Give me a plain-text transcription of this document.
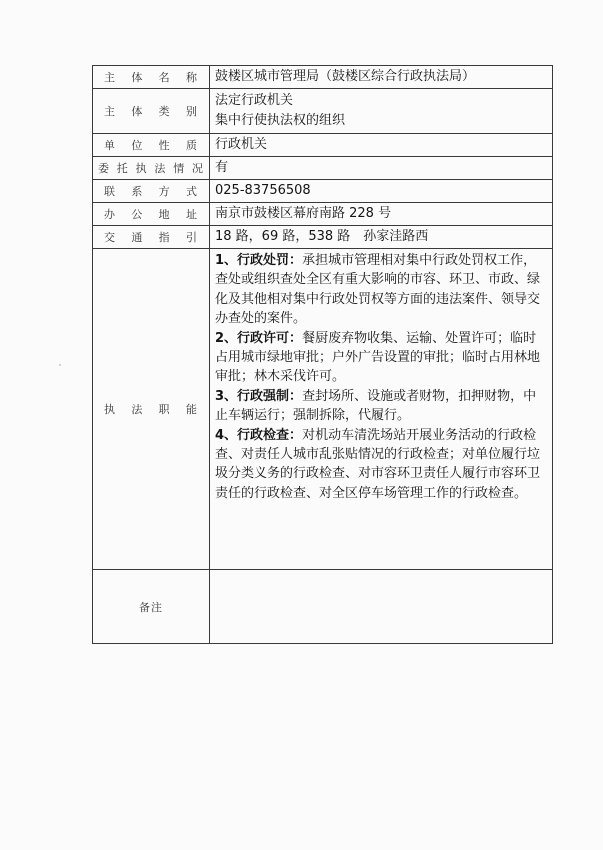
主体名称	鼓楼区城市管理局（鼓楼区综合行政执法局）

主体类别	法定行政机关
集中行使执法权的组织

单位性质	行政机关

委托执法情况	有

联系方式	025-83756508

办公地址	南京市鼓楼区幕府南路 228 号

交通指引	18 路，69 路，538 路　孙家洼路西

执法职能	1、行政处罚：承担城市管理相对集中行政处罚权工作，查处或组织查处全区有重大影响的市容、环卫、市政、绿化及其他相对集中行政处罚权等方面的违法案件、领导交办查处的案件。
2、行政许可：餐厨废弃物收集、运输、处置许可；临时占用城市绿地审批；户外广告设置的审批；临时占用林地审批；林木采伐许可。
3、行政强制：查封场所、设施或者财物，扣押财物，中止车辆运行；强制拆除，代履行。
4、行政检查：对机动车清洗场站开展业务活动的行政检查、对责任人城市乱张贴情况的行政检查；对单位履行垃圾分类义务的行政检查、对市容环卫责任人履行市容环卫责任的行政检查、对全区停车场管理工作的行政检查。

备注	
